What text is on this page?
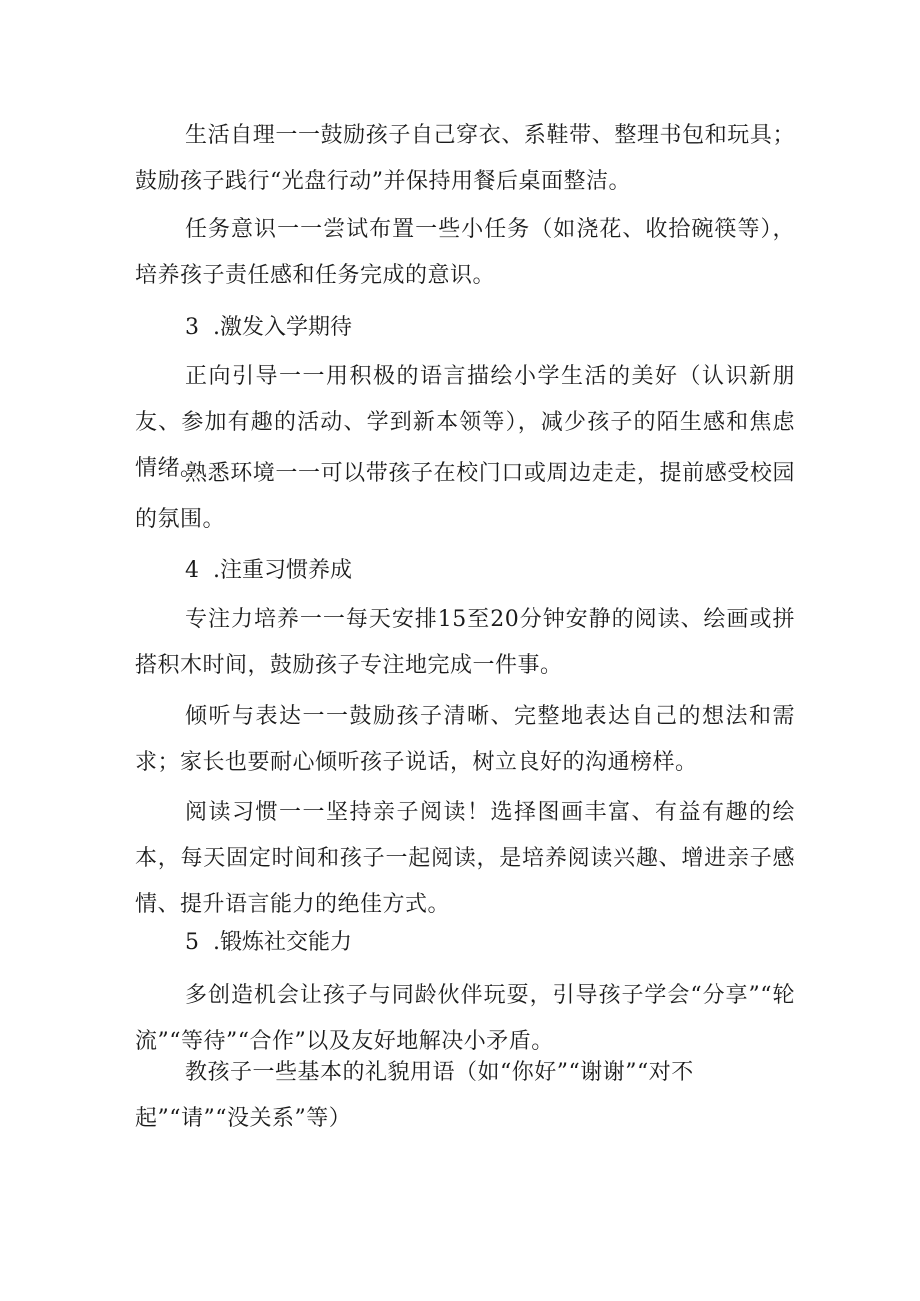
生活自理一一鼓励孩子自己穿衣、系鞋带、整理书包和玩具；鼓励孩子践行“光盘行动”并保持用餐后桌面整洁。

任务意识一一尝试布置一些小任务（如浇花、收拾碗筷等），培养孩子责任感和任务完成的意识。

3 .激发入学期待

正向引导一一用积极的语言描绘小学生活的美好（认识新朋友、参加有趣的活动、学到新本领等），减少孩子的陌生感和焦虑情绪。

熟悉环境一一可以带孩子在校门口或周边走走，提前感受校园的氛围。

4 .注重习惯养成

专注力培养一一每天安排15至20分钟安静的阅读、绘画或拼搭积木时间，鼓励孩子专注地完成一件事。

倾听与表达一一鼓励孩子清晰、完整地表达自己的想法和需求；家长也要耐心倾听孩子说话，树立良好的沟通榜样。

阅读习惯一一坚持亲子阅读！选择图画丰富、有益有趣的绘本，每天固定时间和孩子一起阅读，是培养阅读兴趣、增进亲子感情、提升语言能力的绝佳方式。

5 .锻炼社交能力

多创造机会让孩子与同龄伙伴玩耍，引导孩子学会“分享”“轮流”“等待”“合作”以及友好地解决小矛盾。

教孩子一些基本的礼貌用语（如“你好”“谢谢”“对不
起”“请”“没关系”等）
